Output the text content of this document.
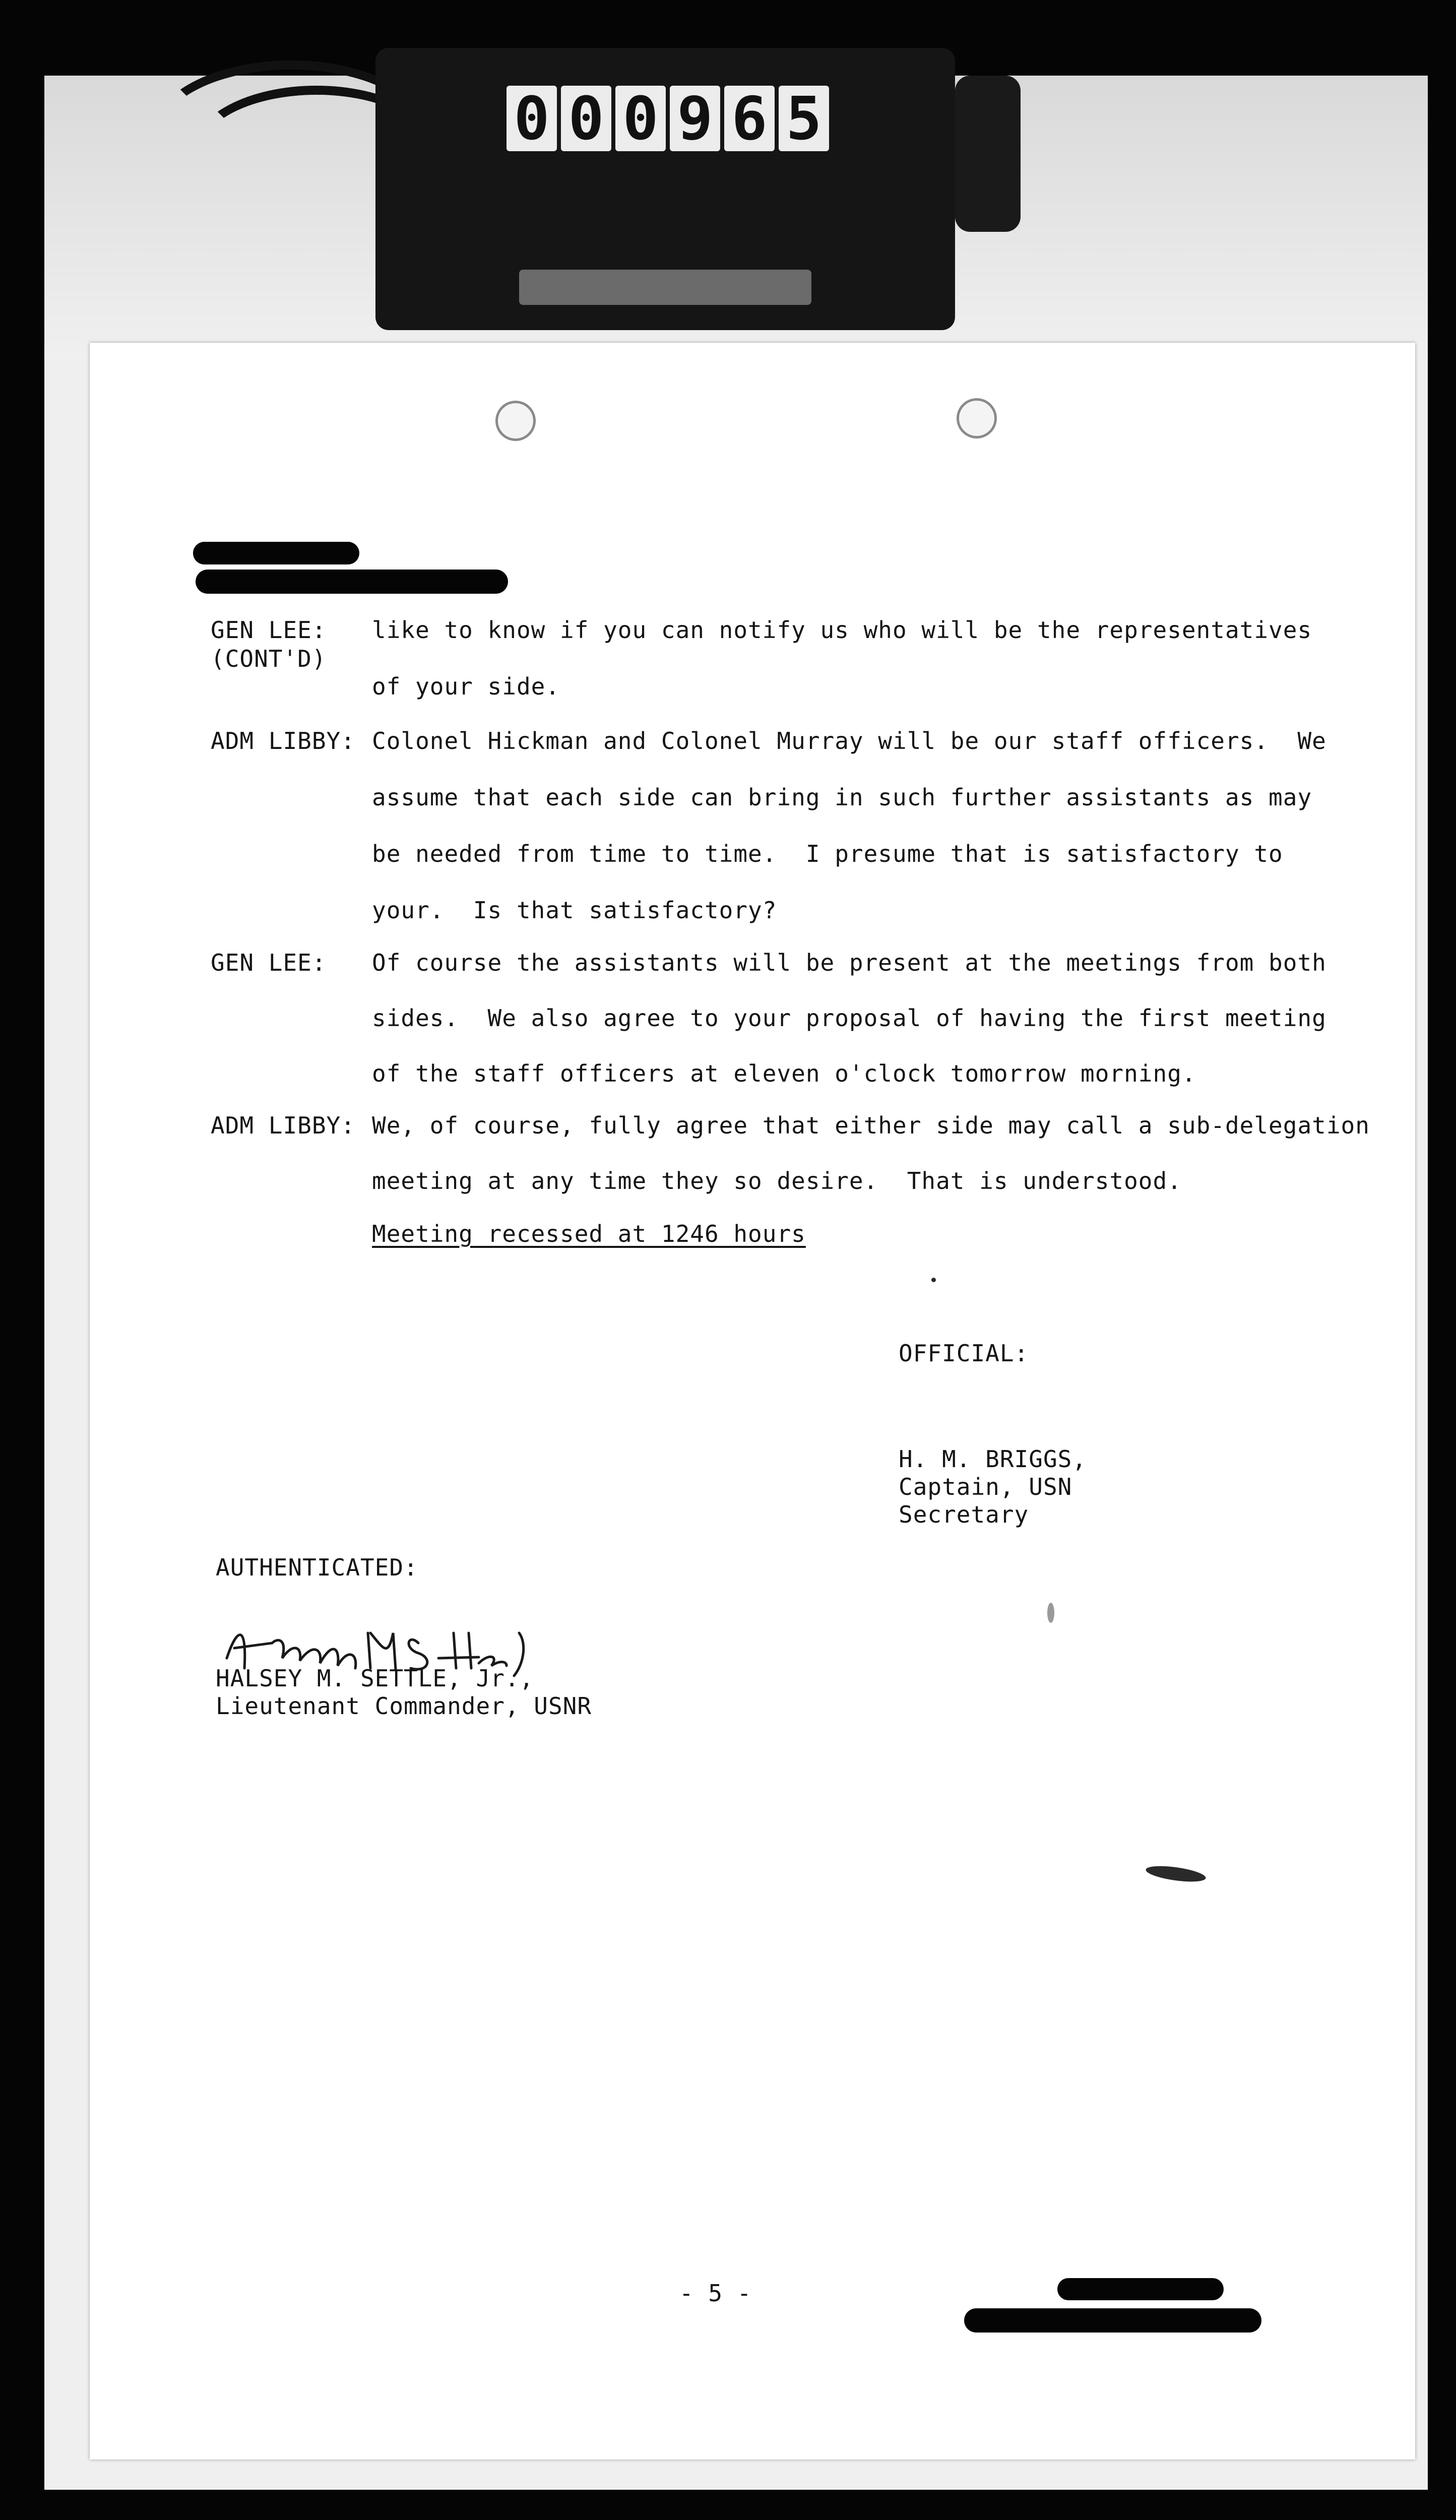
0 0 0 9 6 5
GEN LEE:
(CONT'D)
like to know if you can notify us who will be the representatives
of your side.
ADM LIBBY: Colonel Hickman and Colonel Murray will be our staff officers.  We
assume that each side can bring in such further assistants as may
be needed from time to time.  I presume that is satisfactory to
your.  Is that satisfactory?
GEN LEE: Of course the assistants will be present at the meetings from both
sides.  We also agree to your proposal of having the first meeting
of the staff officers at eleven o'clock tomorrow morning.
ADM LIBBY: We, of course, fully agree that either side may call a sub-delegation
meeting at any time they so desire.  That is understood.
Meeting recessed at 1246 hours
OFFICIAL:
H. M. BRIGGS,
Captain, USN
Secretary
AUTHENTICATED:
HALSEY M. SETTLE, Jr.,
Lieutenant Commander, USNR
- 5 -
